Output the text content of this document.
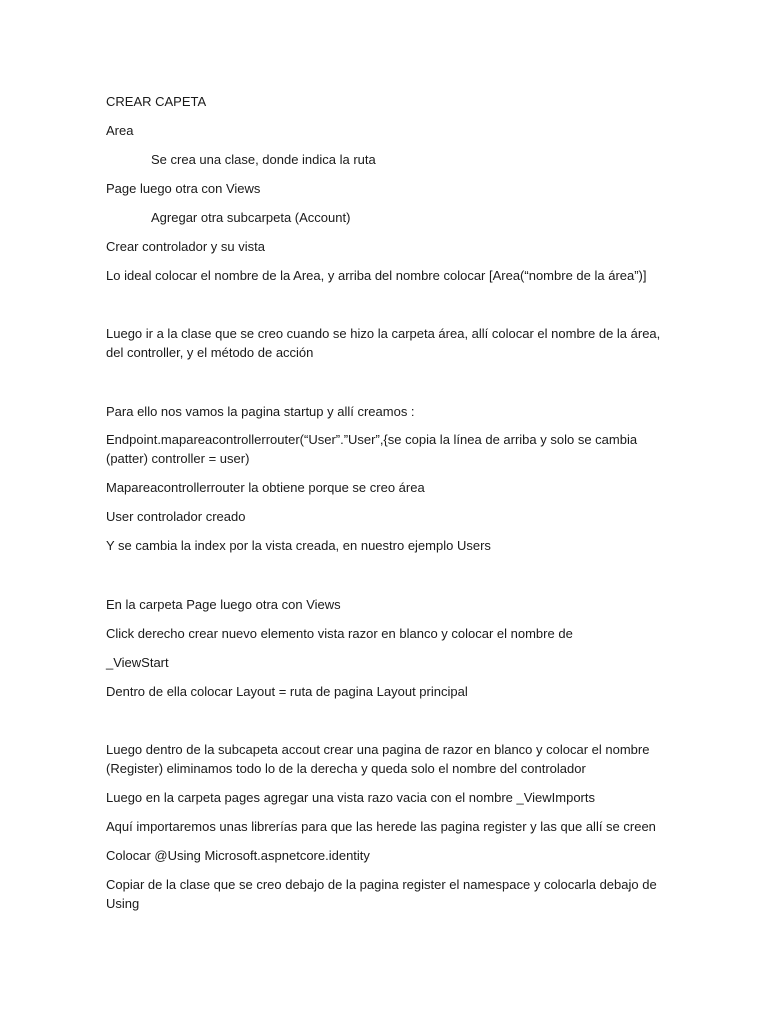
CREAR CAPETA
Area
Se crea una clase, donde indica la ruta
Page luego otra con Views
Agregar otra subcarpeta (Account)
Crear controlador y su vista
Lo ideal colocar el nombre de la Area, y arriba del nombre colocar [Area(“nombre de la área”)]
Luego ir a la clase que se creo cuando se hizo la carpeta área, allí colocar el nombre de la área, del controller, y el método de acción
Para ello nos vamos la pagina startup y allí creamos :
Endpoint.mapareacontrollerrouter(“User”.”User”,{se copia la línea de arriba y solo se cambia (patter) controller = user)
Mapareacontrollerrouter la obtiene porque se creo área
User controlador creado
Y se cambia la index por la vista creada, en nuestro ejemplo Users
En la carpeta Page luego otra con Views
Click derecho crear nuevo elemento vista razor en blanco y colocar el nombre de
_ViewStart
Dentro de ella colocar Layout = ruta de pagina Layout principal
Luego dentro de la subcapeta accout crear una pagina de razor en blanco y colocar el nombre (Register) eliminamos todo lo de la derecha y queda solo el nombre del controlador
Luego en la carpeta pages agregar una vista razo vacia con el nombre _ViewImports
Aquí importaremos unas librerías para que las herede las pagina register y las que allí se creen
Colocar @Using Microsoft.aspnetcore.identity
Copiar de la clase que se creo debajo de la pagina register el namespace y colocarla debajo de Using
